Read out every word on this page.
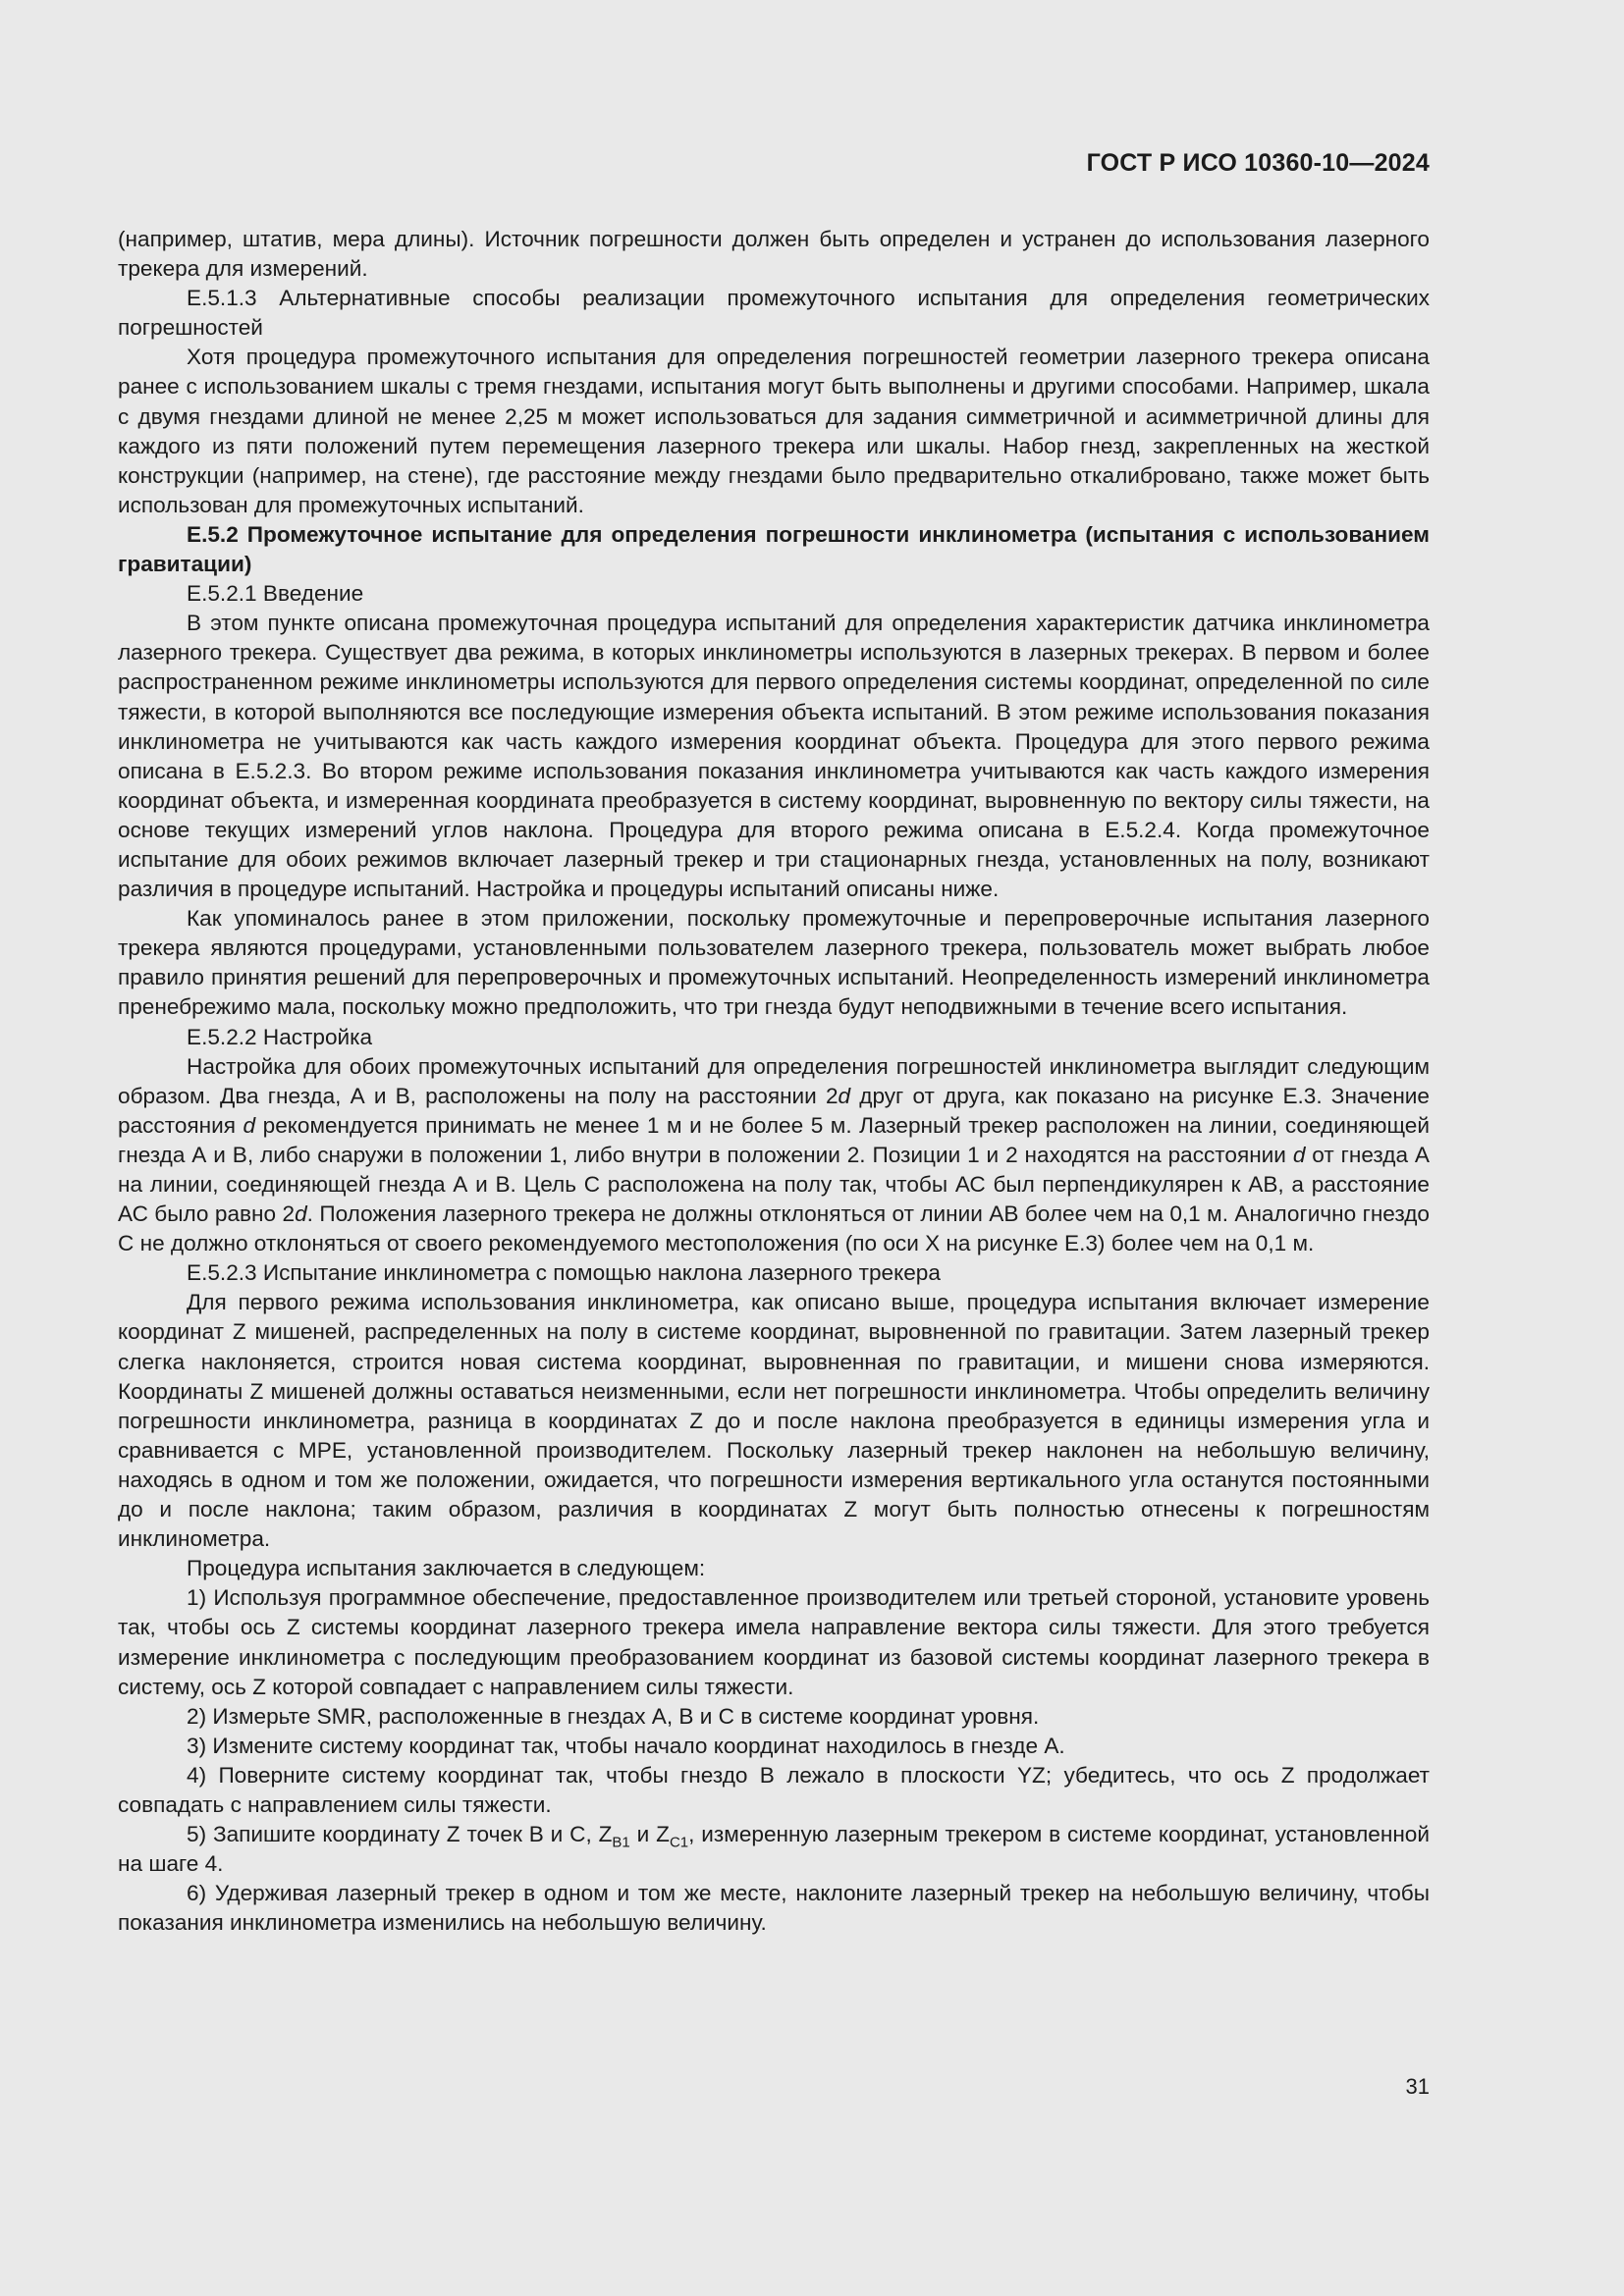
ГОСТ Р ИСО 10360-10—2024

(например, штатив, мера длины). Источник погрешности должен быть определен и устранен до использования лазерного трекера для измерений.

Е.5.1.3 Альтернативные способы реализации промежуточного испытания для определения геометрических погрешностей

Хотя процедура промежуточного испытания для определения погрешностей геометрии лазерного трекера описана ранее с использованием шкалы с тремя гнездами, испытания могут быть выполнены и другими способами. Например, шкала с двумя гнездами длиной не менее 2,25 м может использоваться для задания симметричной и асимметричной длины для каждого из пяти положений путем перемещения лазерного трекера или шкалы. Набор гнезд, закрепленных на жесткой конструкции (например, на стене), где расстояние между гнездами было предварительно откалибровано, также может быть использован для промежуточных испытаний.

Е.5.2 Промежуточное испытание для определения погрешности инклинометра (испытания с использованием гравитации)

Е.5.2.1 Введение

В этом пункте описана промежуточная процедура испытаний для определения характеристик датчика инклинометра лазерного трекера. Существует два режима, в которых инклинометры используются в лазерных трекерах. В первом и более распространенном режиме инклинометры используются для первого определения системы координат, определенной по силе тяжести, в которой выполняются все последующие измерения объекта испытаний. В этом режиме использования показания инклинометра не учитываются как часть каждого измерения координат объекта. Процедура для этого первого режима описана в Е.5.2.3. Во втором режиме использования показания инклинометра учитываются как часть каждого измерения координат объекта, и измеренная координата преобразуется в систему координат, выровненную по вектору силы тяжести, на основе текущих измерений углов наклона. Процедура для второго режима описана в Е.5.2.4. Когда промежуточное испытание для обоих режимов включает лазерный трекер и три стационарных гнезда, установленных на полу, возникают различия в процедуре испытаний. Настройка и процедуры испытаний описаны ниже.

Как упоминалось ранее в этом приложении, поскольку промежуточные и перепроверочные испытания лазерного трекера являются процедурами, установленными пользователем лазерного трекера, пользователь может выбрать любое правило принятия решений для перепроверочных и промежуточных испытаний. Неопределенность измерений инклинометра пренебрежимо мала, поскольку можно предположить, что три гнезда будут неподвижными в течение всего испытания.

Е.5.2.2 Настройка

Настройка для обоих промежуточных испытаний для определения погрешностей инклинометра выглядит следующим образом. Два гнезда, А и В, расположены на полу на расстоянии 2d друг от друга, как показано на рисунке Е.3. Значение расстояния d рекомендуется принимать не менее 1 м и не более 5 м. Лазерный трекер расположен на линии, соединяющей гнезда А и В, либо снаружи в положении 1, либо внутри в положении 2. Позиции 1 и 2 находятся на расстоянии d от гнезда А на линии, соединяющей гнезда А и В. Цель С расположена на полу так, чтобы АС был перпендикулярен к АВ, а расстояние АС было равно 2d. Положения лазерного трекера не должны отклоняться от линии АВ более чем на 0,1 м. Аналогично гнездо С не должно отклоняться от своего рекомендуемого местоположения (по оси X на рисунке Е.3) более чем на 0,1 м.

Е.5.2.3 Испытание инклинометра с помощью наклона лазерного трекера

Для первого режима использования инклинометра, как описано выше, процедура испытания включает измерение координат Z мишеней, распределенных на полу в системе координат, выровненной по гравитации. Затем лазерный трекер слегка наклоняется, строится новая система координат, выровненная по гравитации, и мишени снова измеряются. Координаты Z мишеней должны оставаться неизменными, если нет погрешности инклинометра. Чтобы определить величину погрешности инклинометра, разница в координатах Z до и после наклона преобразуется в единицы измерения угла и сравнивается с MPE, установленной производителем. Поскольку лазерный трекер наклонен на небольшую величину, находясь в одном и том же положении, ожидается, что погрешности измерения вертикального угла останутся постоянными до и после наклона; таким образом, различия в координатах Z могут быть полностью отнесены к погрешностям инклинометра.

Процедура испытания заключается в следующем:

1) Используя программное обеспечение, предоставленное производителем или третьей стороной, установите уровень так, чтобы ось Z системы координат лазерного трекера имела направление вектора силы тяжести. Для этого требуется измерение инклинометра с последующим преобразованием координат из базовой системы координат лазерного трекера в систему, ось Z которой совпадает с направлением силы тяжести.

2) Измерьте SMR, расположенные в гнездах А, В и С в системе координат уровня.

3) Измените систему координат так, чтобы начало координат находилось в гнезде А.

4) Поверните систему координат так, чтобы гнездо В лежало в плоскости YZ; убедитесь, что ось Z продолжает совпадать с направлением силы тяжести.

5) Запишите координату Z точек В и С, $Z_{B1}$ и $Z_{C1}$, измеренную лазерным трекером в системе координат, установленной на шаге 4.

6) Удерживая лазерный трекер в одном и том же месте, наклоните лазерный трекер на небольшую величину, чтобы показания инклинометра изменились на небольшую величину.

31
